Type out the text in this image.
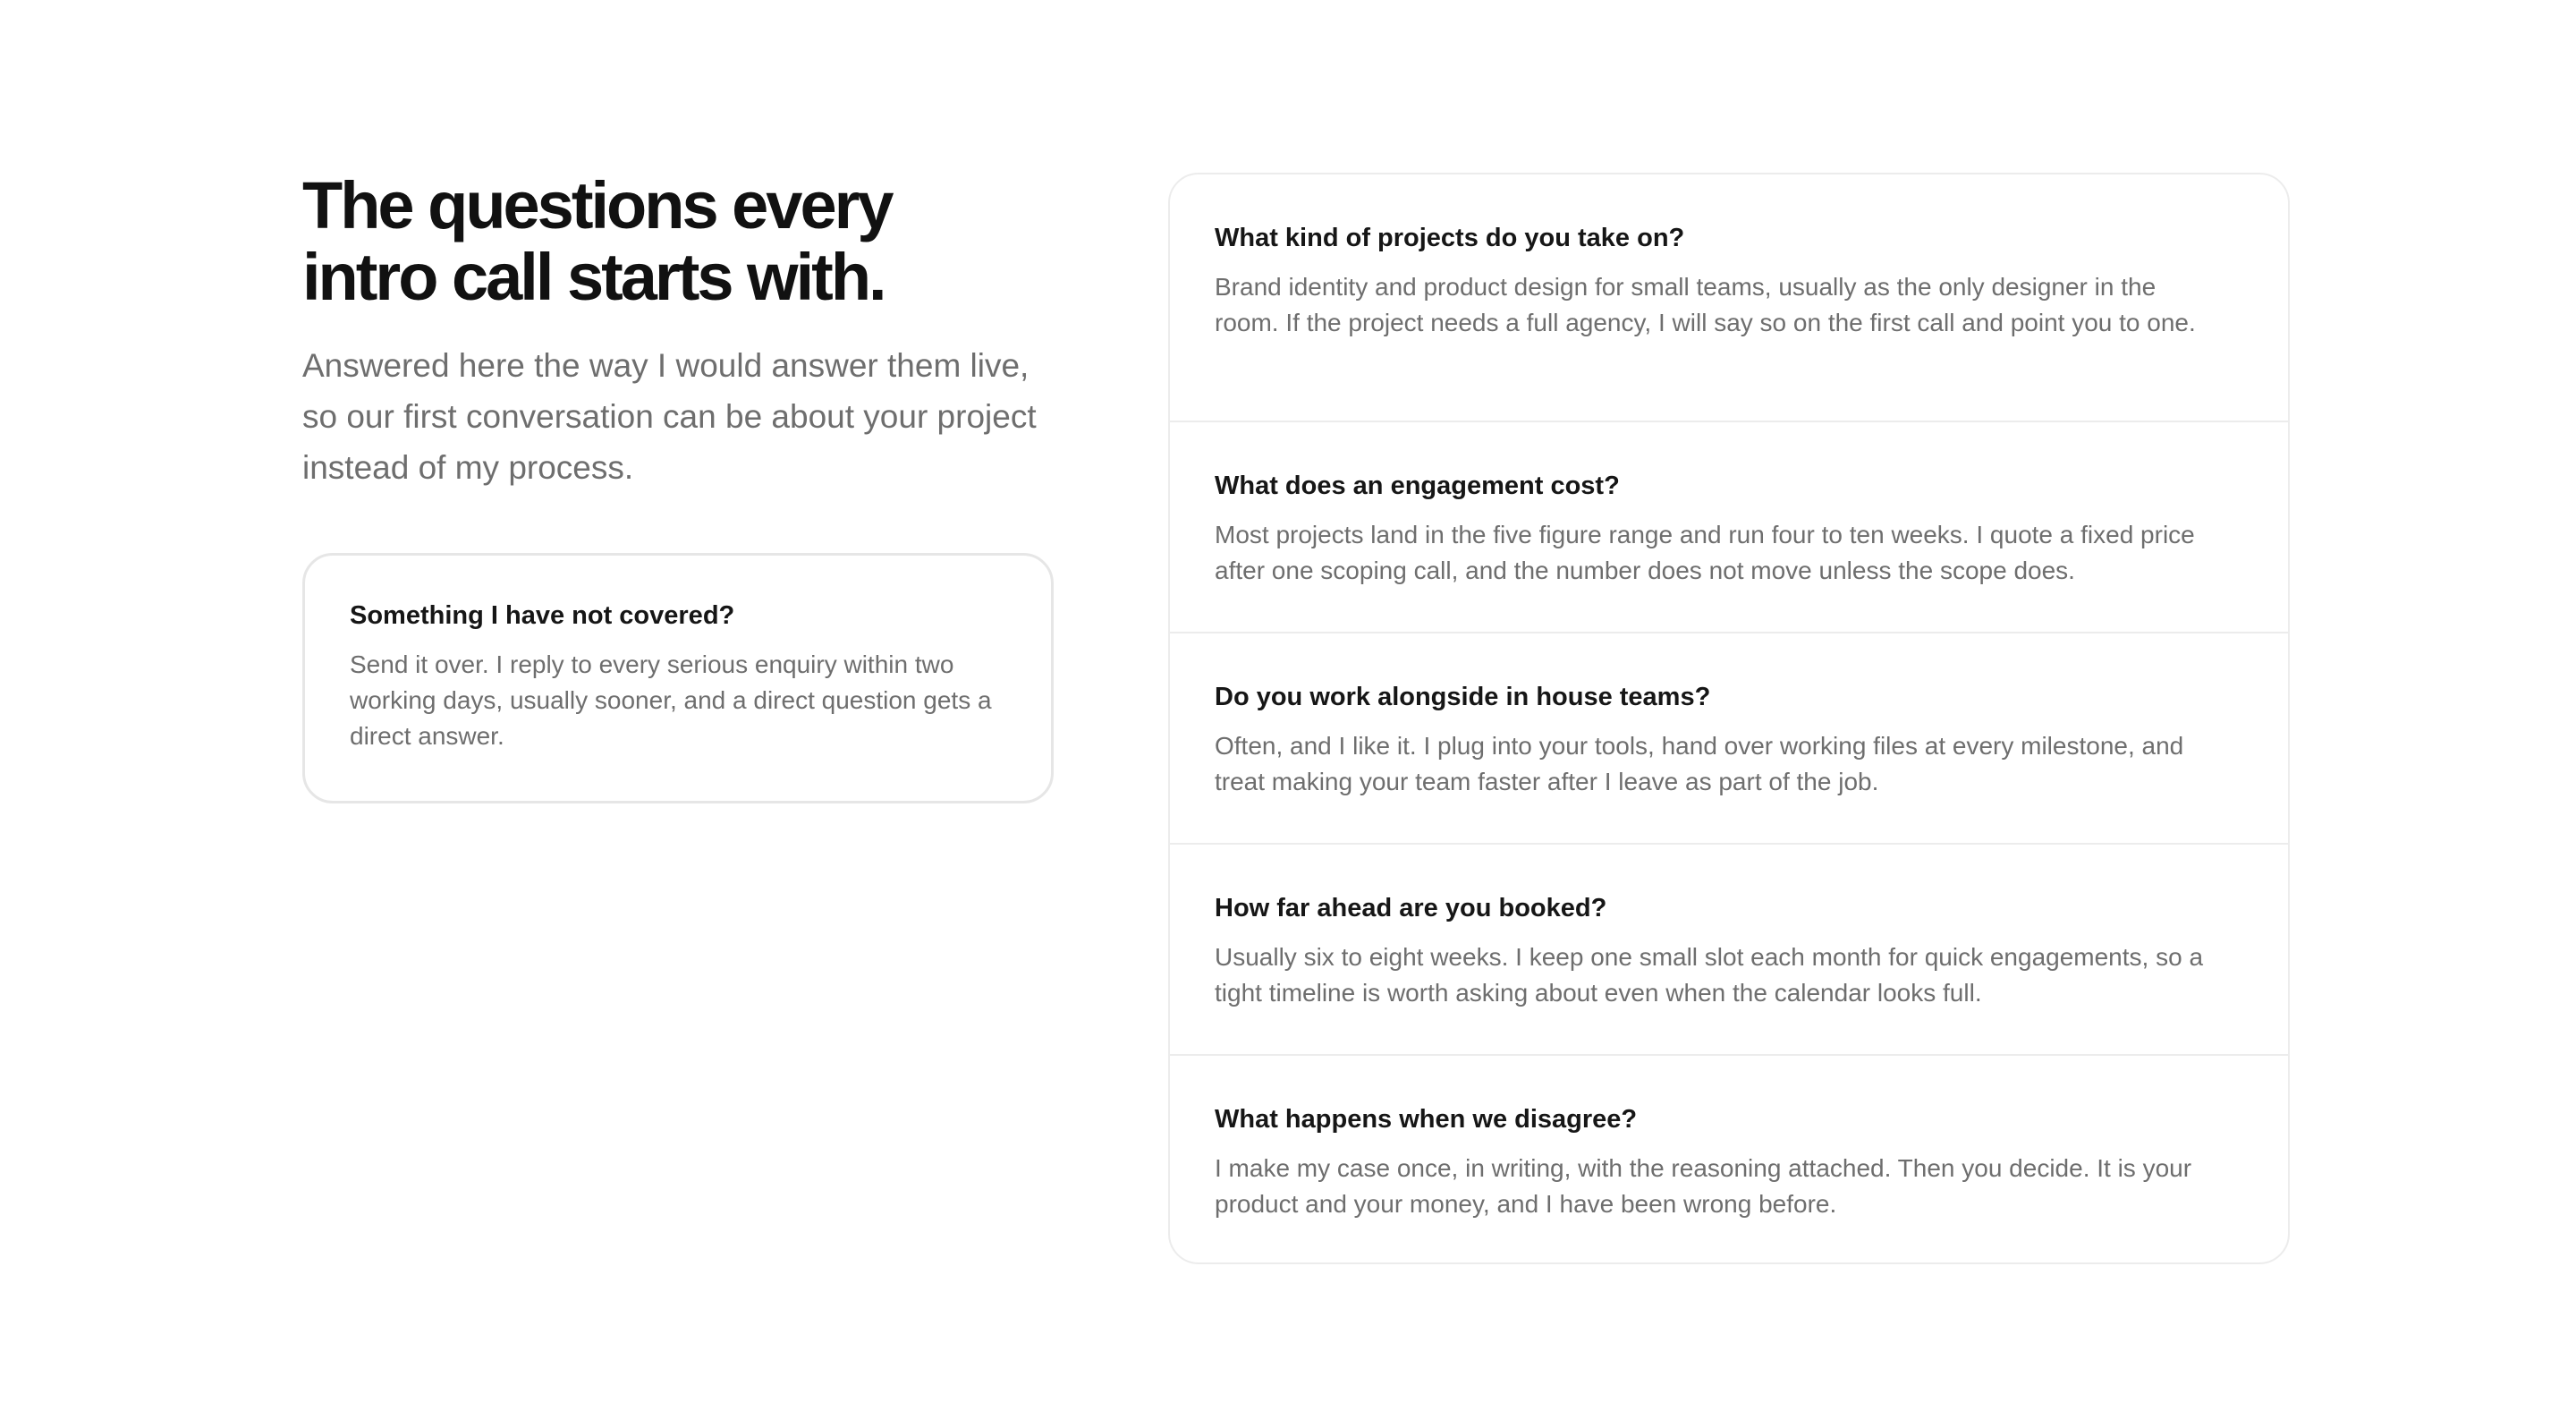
The questions every
intro call starts with.

Answered here the way I would answer them live, so our first conversation can be about your project instead of my process.

Something I have not covered?
Send it over. I reply to every serious enquiry within two working days, usually sooner, and a direct question gets a direct answer.
What kind of projects do you take on?
Brand identity and product design for small teams, usually as the only designer in the room. If the project needs a full agency, I will say so on the first call and point you to one.
What does an engagement cost?
Most projects land in the five figure range and run four to ten weeks. I quote a fixed price after one scoping call, and the number does not move unless the scope does.
Do you work alongside in house teams?
Often, and I like it. I plug into your tools, hand over working files at every milestone, and treat making your team faster after I leave as part of the job.
How far ahead are you booked?
Usually six to eight weeks. I keep one small slot each month for quick engagements, so a tight timeline is worth asking about even when the calendar looks full.
What happens when we disagree?
I make my case once, in writing, with the reasoning attached. Then you decide. It is your product and your money, and I have been wrong before.
